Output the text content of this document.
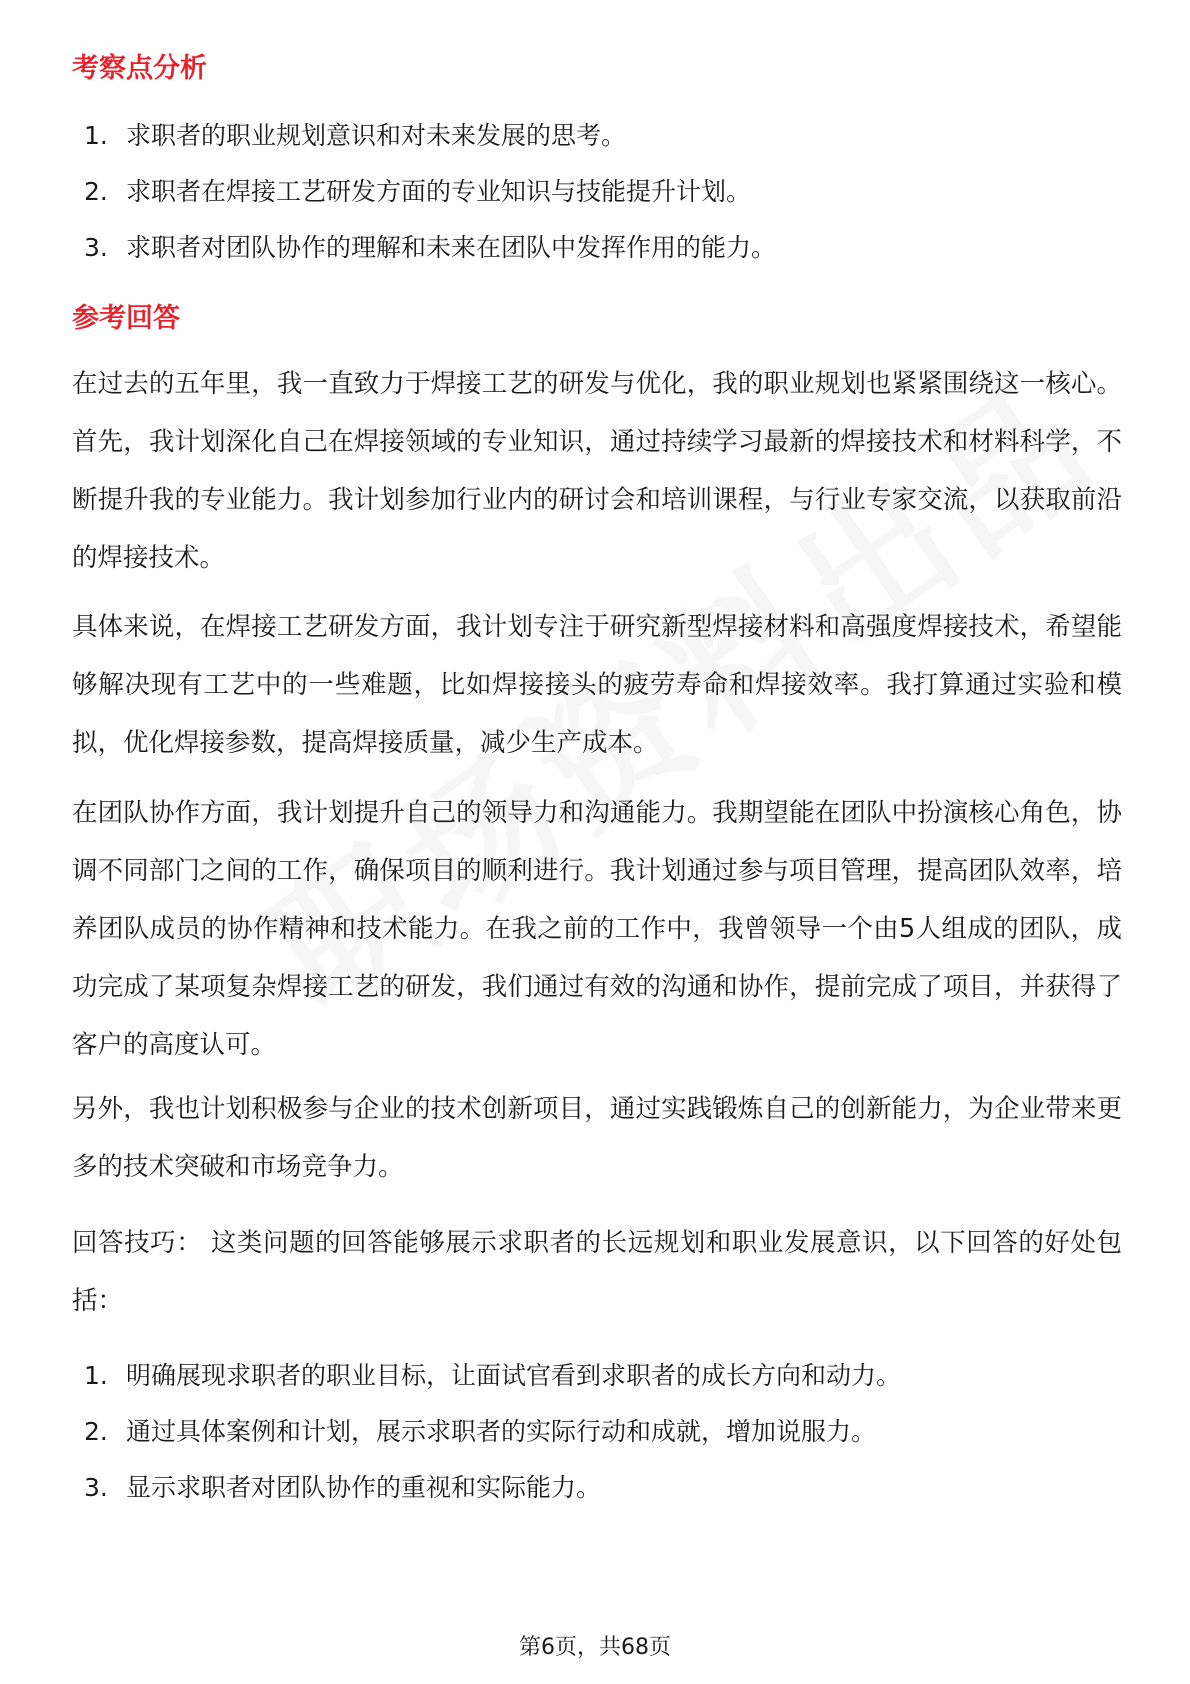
考察点分析
1. 求职者的职业规划意识和对未来发展的思考。
2. 求职者在焊接工艺研发方面的专业知识与技能提升计划。
3. 求职者对团队协作的理解和未来在团队中发挥作用的能力。
参考回答

在过去的五年里，我一直致力于焊接工艺的研发与优化，我的职业规划也紧紧围绕这一核心。首先，我计划深化自己在焊接领域的专业知识，通过持续学习最新的焊接技术和材料科学，不断提升我的专业能力。我计划参加行业内的研讨会和培训课程，与行业专家交流，以获取前沿的焊接技术。

具体来说，在焊接工艺研发方面，我计划专注于研究新型焊接材料和高强度焊接技术，希望能够解决现有工艺中的一些难题，比如焊接接头的疲劳寿命和焊接效率。我打算通过实验和模拟，优化焊接参数，提高焊接质量，减少生产成本。

在团队协作方面，我计划提升自己的领导力和沟通能力。我期望能在团队中扮演核心角色，协调不同部门之间的工作，确保项目的顺利进行。我计划通过参与项目管理，提高团队效率，培养团队成员的协作精神和技术能力。在我之前的工作中，我曾领导一个由5人组成的团队，成功完成了某项复杂焊接工艺的研发，我们通过有效的沟通和协作，提前完成了项目，并获得了客户的高度认可。

另外，我也计划积极参与企业的技术创新项目，通过实践锻炼自己的创新能力，为企业带来更多的技术突破和市场竞争力。

回答技巧： 这类问题的回答能够展示求职者的长远规划和职业发展意识，以下回答的好处包括：

1. 明确展现求职者的职业目标，让面试官看到求职者的成长方向和动力。
2. 通过具体案例和计划，展示求职者的实际行动和成就，增加说服力。
3. 显示求职者对团队协作的重视和实际能力。
第6页，共68页
